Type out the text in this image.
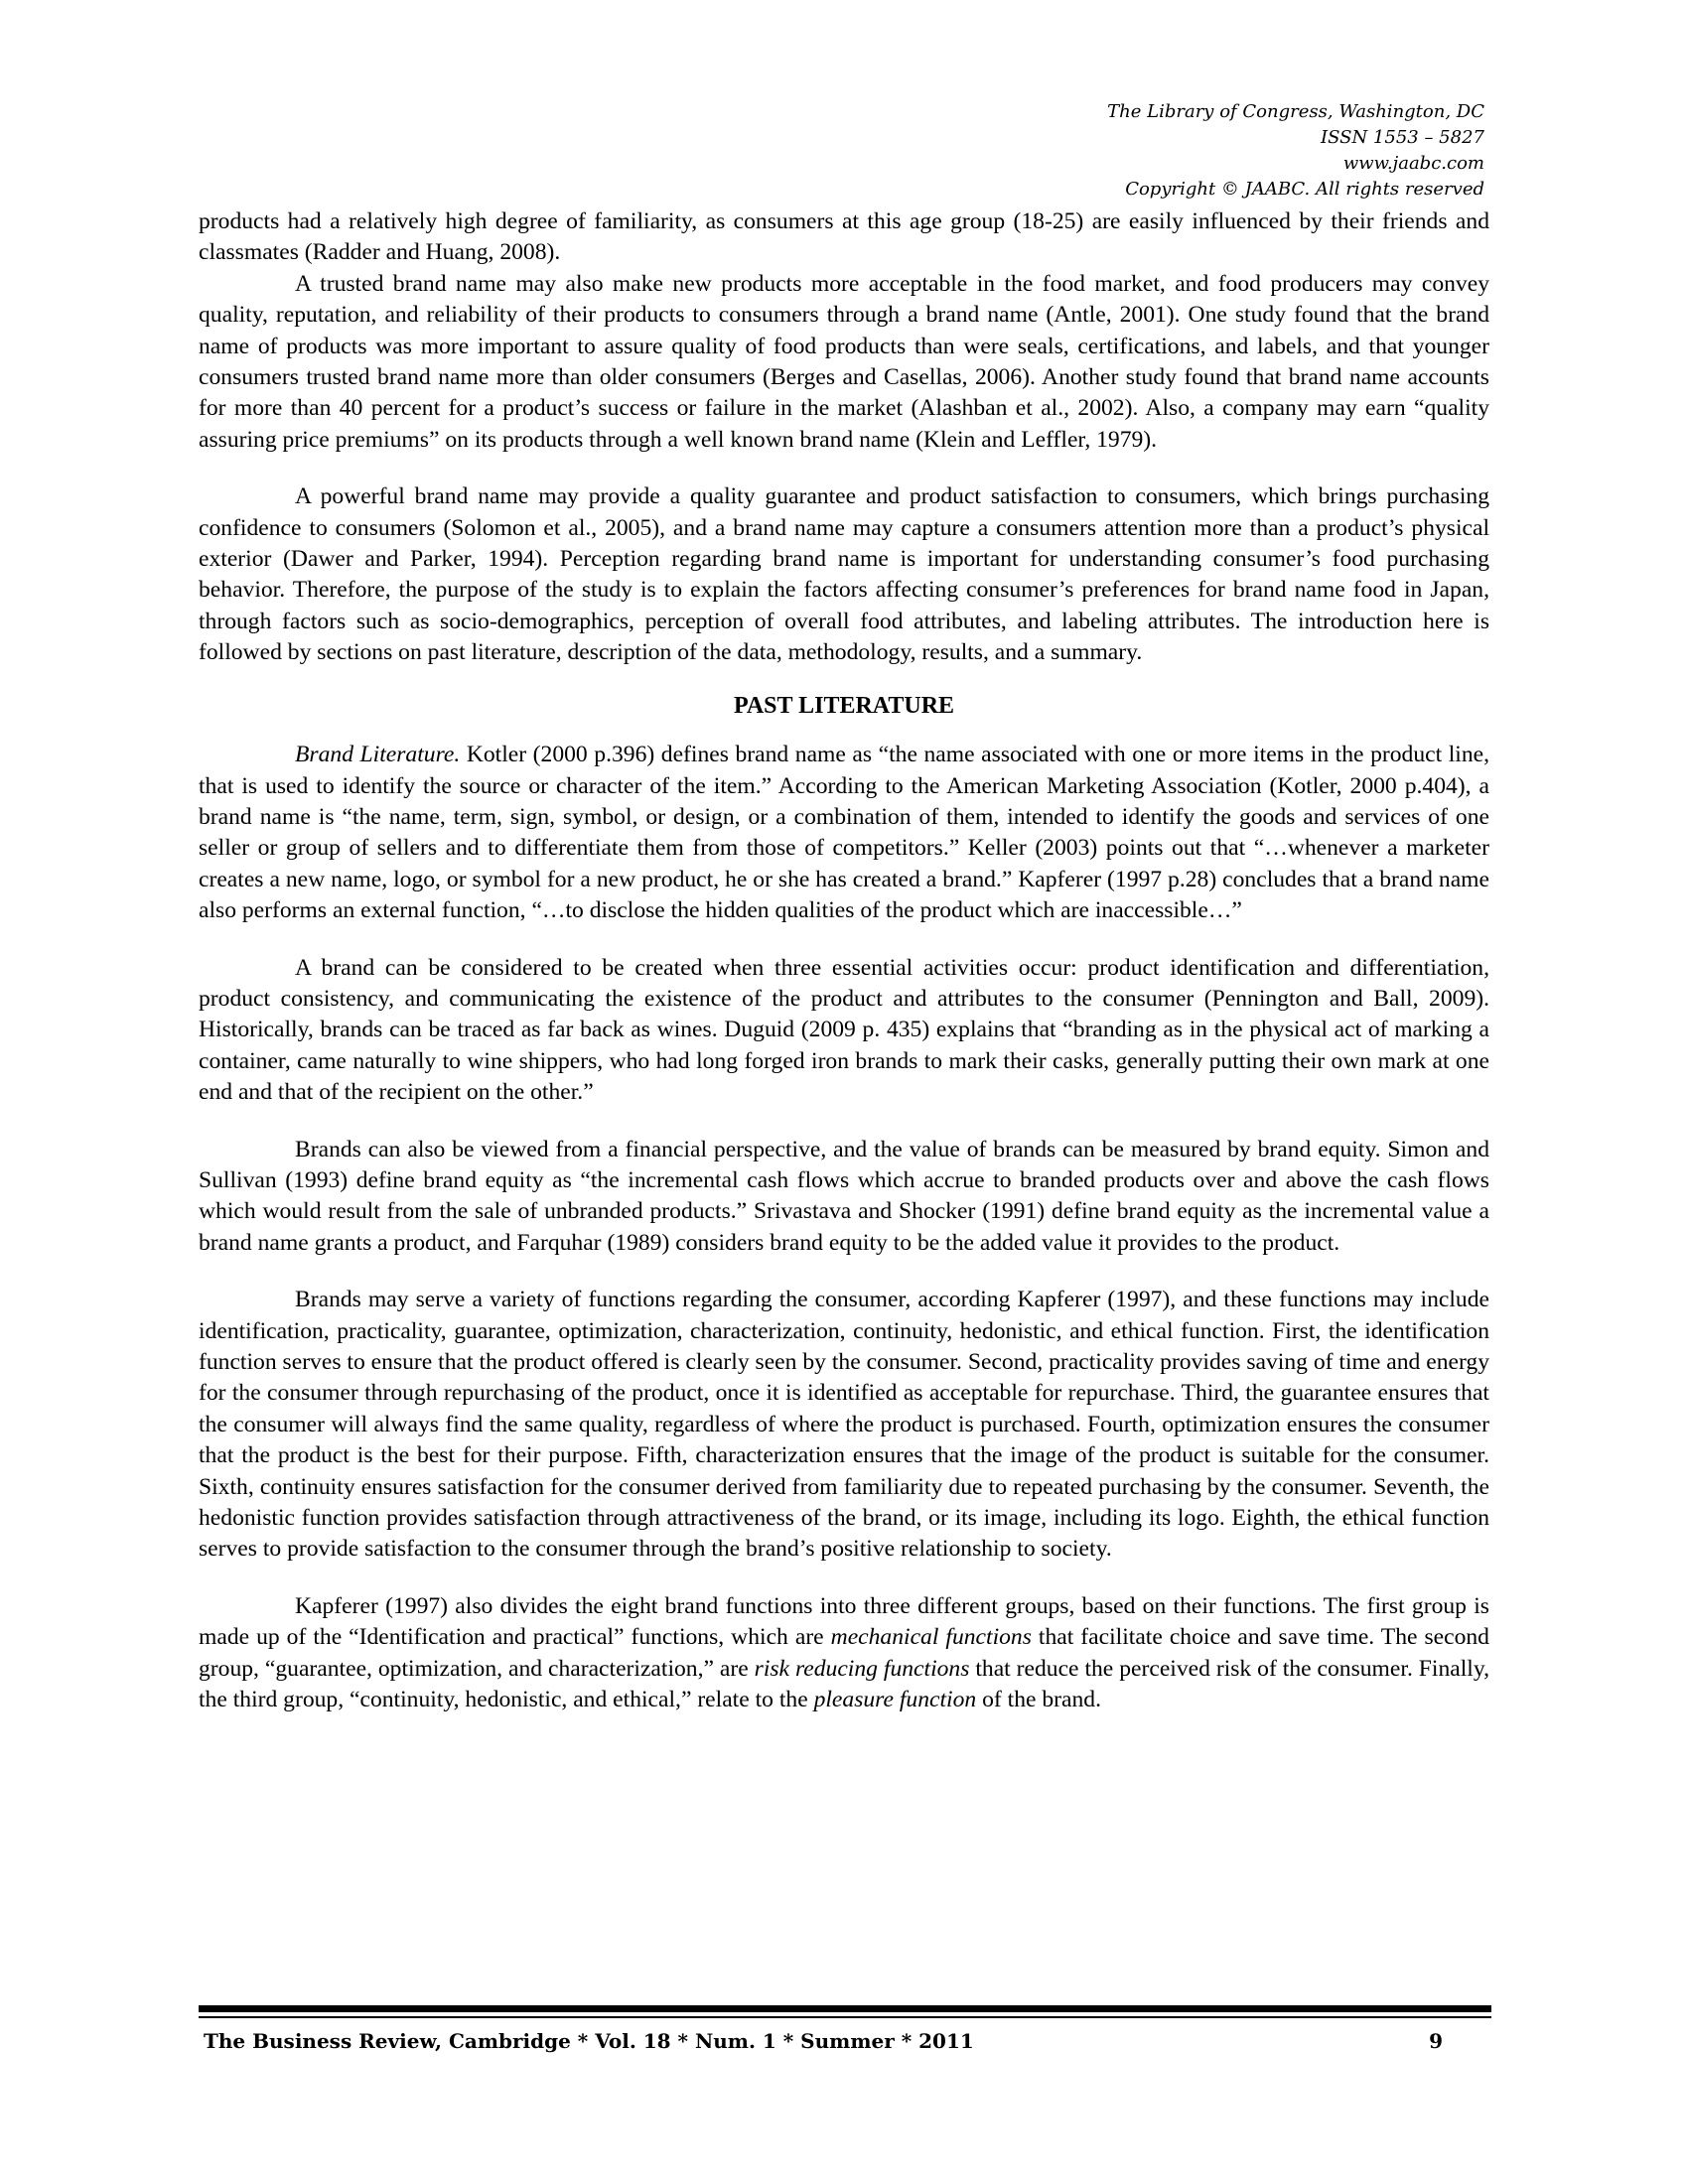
The Library of Congress, Washington, DC
ISSN 1553 – 5827
www.jaabc.com
Copyright © JAABC. All rights reserved

products had a relatively high degree of familiarity, as consumers at this age group (18-25) are easily influenced by their friends and classmates (Radder and Huang, 2008).

A trusted brand name may also make new products more acceptable in the food market, and food producers may convey quality, reputation, and reliability of their products to consumers through a brand name (Antle, 2001). One study found that the brand name of products was more important to assure quality of food products than were seals, certifications, and labels, and that younger consumers trusted brand name more than older consumers (Berges and Casellas, 2006). Another study found that brand name accounts for more than 40 percent for a product’s success or failure in the market (Alashban et al., 2002). Also, a company may earn “quality assuring price premiums” on its products through a well known brand name (Klein and Leffler, 1979).

A powerful brand name may provide a quality guarantee and product satisfaction to consumers, which brings purchasing confidence to consumers (Solomon et al., 2005), and a brand name may capture a consumers attention more than a product’s physical exterior (Dawer and Parker, 1994). Perception regarding brand name is important for understanding consumer’s food purchasing behavior. Therefore, the purpose of the study is to explain the factors affecting consumer’s preferences for brand name food in Japan, through factors such as socio-demographics, perception of overall food attributes, and labeling attributes. The introduction here is followed by sections on past literature, description of the data, methodology, results, and a summary.

PAST LITERATURE

Brand Literature. Kotler (2000 p.396) defines brand name as “the name associated with one or more items in the product line, that is used to identify the source or character of the item.” According to the American Marketing Association (Kotler, 2000 p.404), a brand name is “the name, term, sign, symbol, or design, or a combination of them, intended to identify the goods and services of one seller or group of sellers and to differentiate them from those of competitors.” Keller (2003) points out that “…whenever a marketer creates a new name, logo, or symbol for a new product, he or she has created a brand.” Kapferer (1997 p.28) concludes that a brand name also performs an external function, “…to disclose the hidden qualities of the product which are inaccessible…”

A brand can be considered to be created when three essential activities occur: product identification and differentiation, product consistency, and communicating the existence of the product and attributes to the consumer (Pennington and Ball, 2009). Historically, brands can be traced as far back as wines. Duguid (2009 p. 435) explains that “branding as in the physical act of marking a container, came naturally to wine shippers, who had long forged iron brands to mark their casks, generally putting their own mark at one end and that of the recipient on the other.”

Brands can also be viewed from a financial perspective, and the value of brands can be measured by brand equity. Simon and Sullivan (1993) define brand equity as “the incremental cash flows which accrue to branded products over and above the cash flows which would result from the sale of unbranded products.” Srivastava and Shocker (1991) define brand equity as the incremental value a brand name grants a product, and Farquhar (1989) considers brand equity to be the added value it provides to the product.

Brands may serve a variety of functions regarding the consumer, according Kapferer (1997), and these functions may include identification, practicality, guarantee, optimization, characterization, continuity, hedonistic, and ethical function. First, the identification function serves to ensure that the product offered is clearly seen by the consumer. Second, practicality provides saving of time and energy for the consumer through repurchasing of the product, once it is identified as acceptable for repurchase. Third, the guarantee ensures that the consumer will always find the same quality, regardless of where the product is purchased. Fourth, optimization ensures the consumer that the product is the best for their purpose. Fifth, characterization ensures that the image of the product is suitable for the consumer. Sixth, continuity ensures satisfaction for the consumer derived from familiarity due to repeated purchasing by the consumer. Seventh, the hedonistic function provides satisfaction through attractiveness of the brand, or its image, including its logo. Eighth, the ethical function serves to provide satisfaction to the consumer through the brand’s positive relationship to society.

Kapferer (1997) also divides the eight brand functions into three different groups, based on their functions. The first group is made up of the “Identification and practical” functions, which are mechanical functions that facilitate choice and save time. The second group, “guarantee, optimization, and characterization,” are risk reducing functions that reduce the perceived risk of the consumer. Finally, the third group, “continuity, hedonistic, and ethical,” relate to the pleasure function of the brand.

The Business Review, Cambridge * Vol. 18 * Num. 1 * Summer * 2011	9
